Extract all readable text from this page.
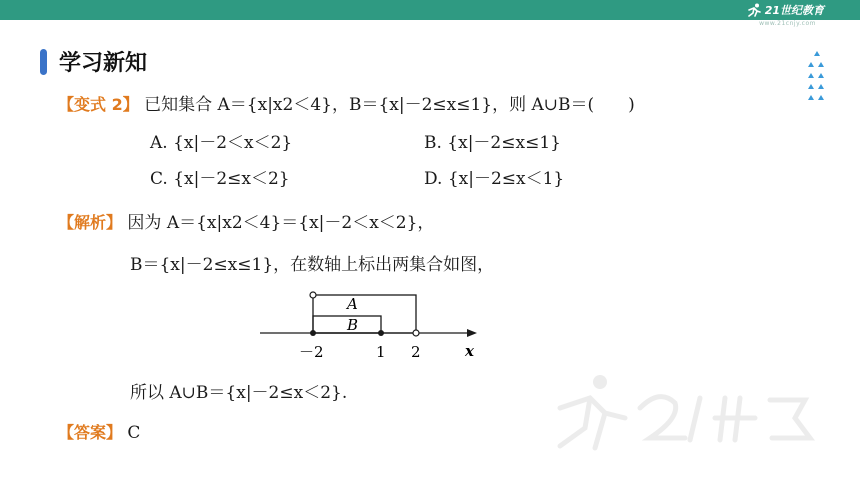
21世纪教育
www.21cnjy.com
学习新知
【变式 2】 已知集合 A＝{x|x2＜4}，B＝{x|－2≤x≤1}，则 A∪B＝(　　)
A. {x|－2＜x＜2}	B. {x|－2≤x≤1}
C. {x|－2≤x＜2}	D. {x|－2≤x＜1}
【解析】 因为 A＝{x|x2＜4}＝{x|－2＜x＜2}，
B＝{x|－2≤x≤1}，在数轴上标出两集合如图，
A
B
－2	1 2	x
所以 A∪B＝{x|－2≤x＜2}.
【答案】 C
